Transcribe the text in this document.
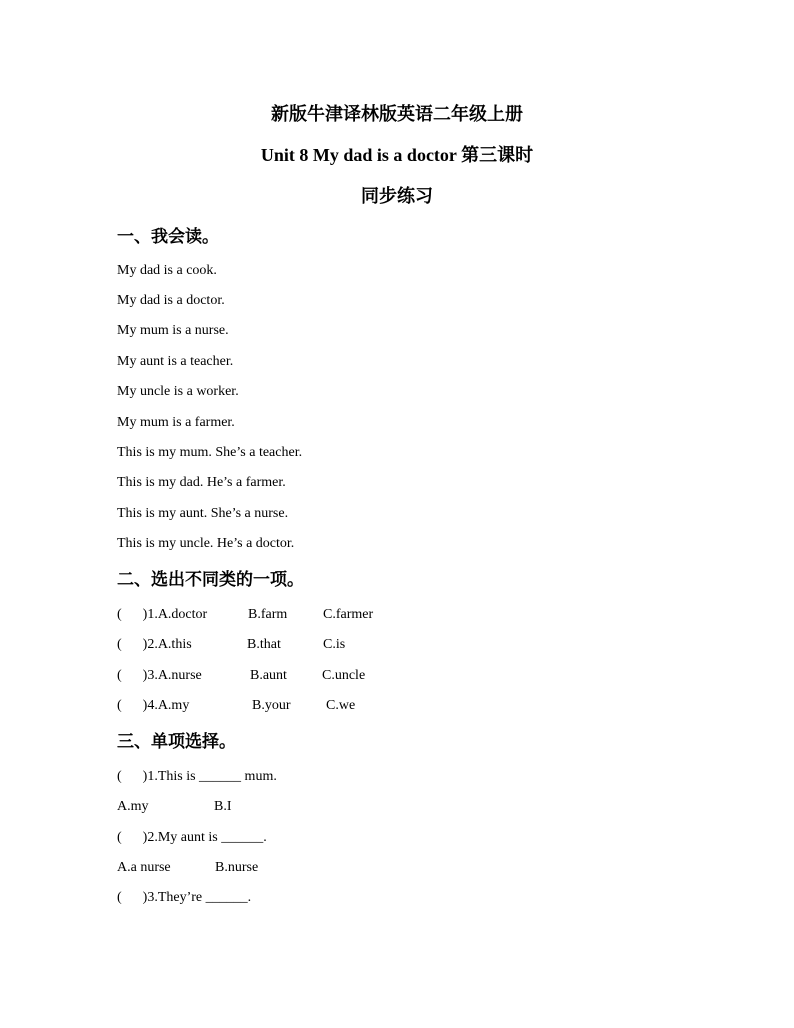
新版牛津译林版英语二年级上册
Unit 8 My dad is a doctor 第三课时
同步练习
一、我会读。
My dad is a cook.
My dad is a doctor.
My mum is a nurse.
My aunt is a teacher.
My uncle is a worker.
My mum is a farmer.
This is my mum. She’s a teacher.
This is my dad. He’s a farmer.
This is my aunt. She’s a nurse.
This is my uncle. He’s a doctor.
二、选出不同类的一项。
(      )1.A.doctor	B.farm	C.farmer
(      )2.A.this	B.that	C.is
(      )3.A.nurse	B.aunt	C.uncle
(      )4.A.my	B.your	C.we
三、单项选择。
(      )1.This is ______ mum.
A.my	B.I
(      )2.My aunt is ______.
A.a nurse	B.nurse
(      )3.They’re ______.
